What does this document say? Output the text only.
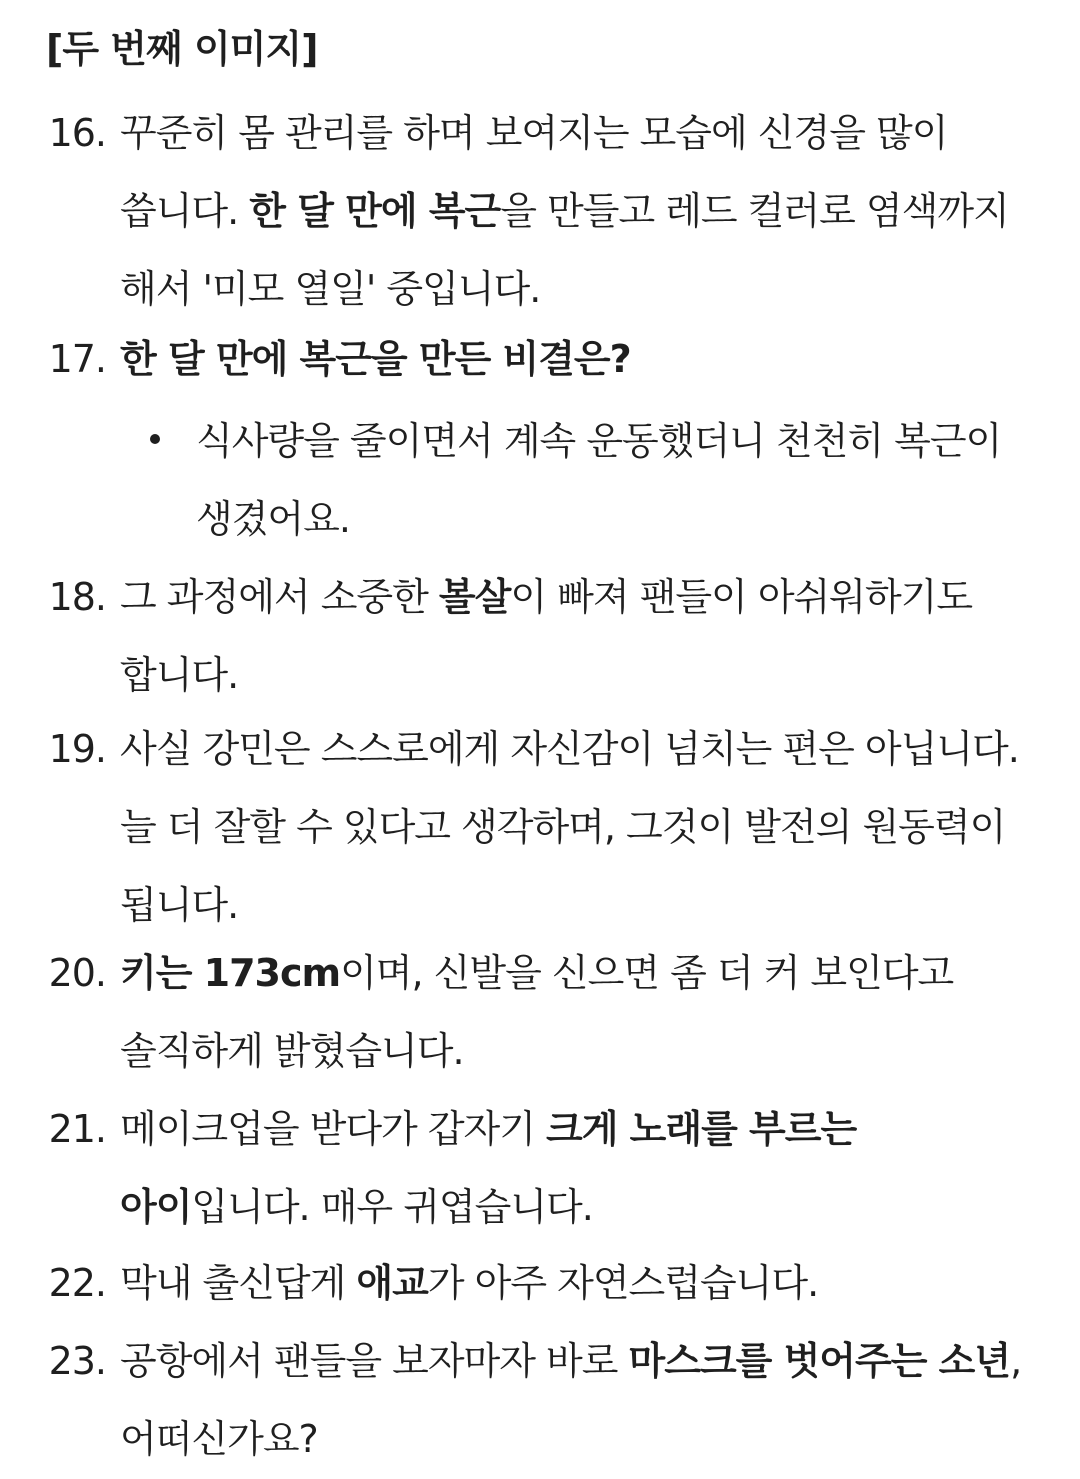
[두 번째 이미지]
16. 꾸준히 몸 관리를 하며 보여지는 모습에 신경을 많이
씁니다. 한 달 만에 복근을 만들고 레드 컬러로 염색까지
해서 '미모 열일' 중입니다.
17. 한 달 만에 복근을 만든 비결은?
식사량을 줄이면서 계속 운동했더니 천천히 복근이
생겼어요.
18. 그 과정에서 소중한 볼살이 빠져 팬들이 아쉬워하기도
합니다.
19. 사실 강민은 스스로에게 자신감이 넘치는 편은 아닙니다.
늘 더 잘할 수 있다고 생각하며, 그것이 발전의 원동력이
됩니다.
20. 키는 173cm이며, 신발을 신으면 좀 더 커 보인다고
솔직하게 밝혔습니다.
21. 메이크업을 받다가 갑자기 크게 노래를 부르는
아이입니다. 매우 귀엽습니다.
22. 막내 출신답게 애교가 아주 자연스럽습니다.
23. 공항에서 팬들을 보자마자 바로 마스크를 벗어주는 소년,
어떠신가요?
